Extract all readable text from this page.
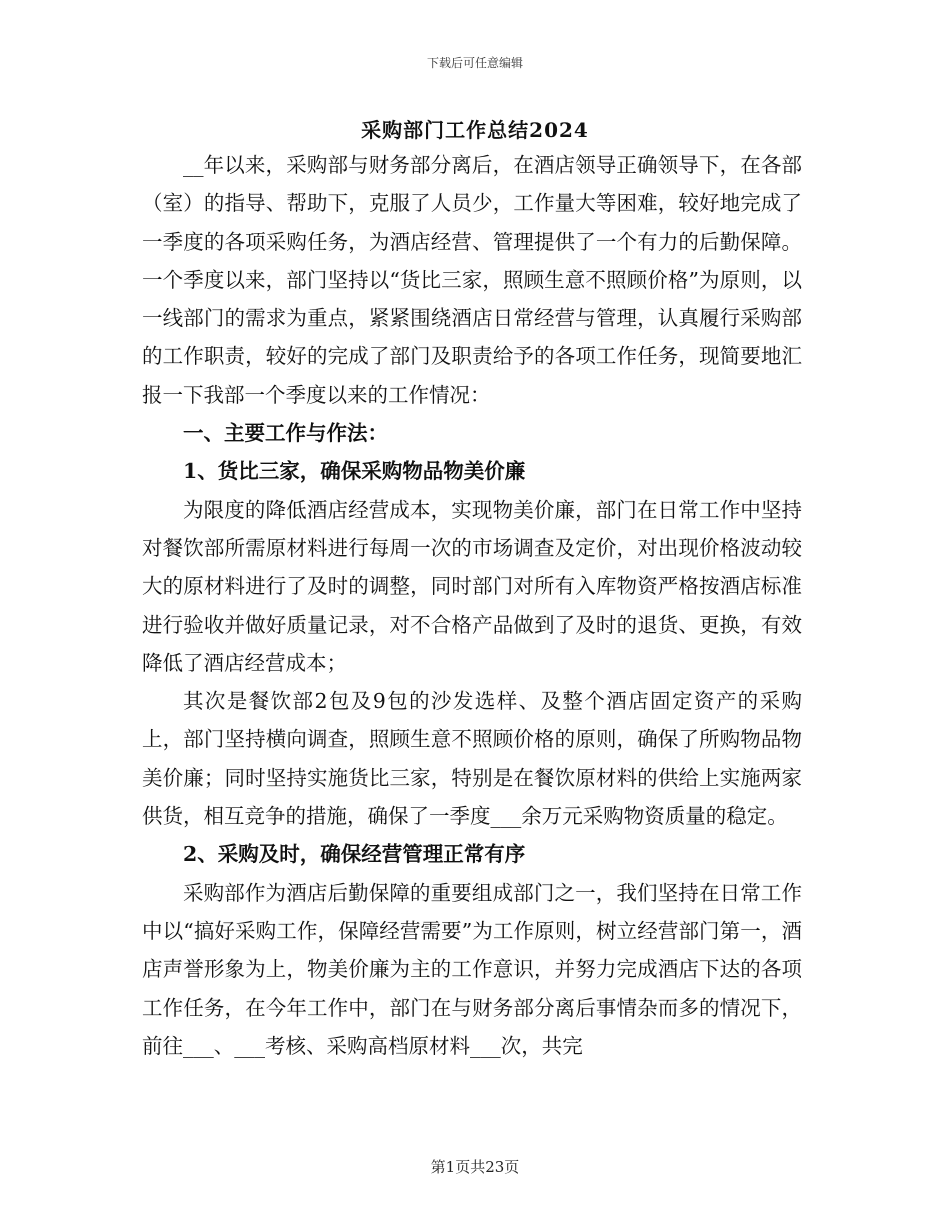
下载后可任意编辑
采购部门工作总结2024

__年以来，采购部与财务部分离后，在酒店领导正确领导下，在各部（室）的指导、帮助下，克服了人员少，工作量大等困难，较好地完成了一季度的各项采购任务，为酒店经营、管理提供了一个有力的后勤保障。一个季度以来，部门坚持以“货比三家，照顾生意不照顾价格”为原则，以一线部门的需求为重点，紧紧围绕酒店日常经营与管理，认真履行采购部的工作职责，较好的完成了部门及职责给予的各项工作任务，现简要地汇报一下我部一个季度以来的工作情况：

一、主要工作与作法：

1、货比三家，确保采购物品物美价廉

为限度的降低酒店经营成本，实现物美价廉，部门在日常工作中坚持对餐饮部所需原材料进行每周一次的市场调查及定价，对出现价格波动较大的原材料进行了及时的调整，同时部门对所有入库物资严格按酒店标准进行验收并做好质量记录，对不合格产品做到了及时的退货、更换，有效降低了酒店经营成本；

其次是餐饮部2包及9包的沙发选样、及整个酒店固定资产的采购上，部门坚持横向调查，照顾生意不照顾价格的原则，确保了所购物品物美价廉；同时坚持实施货比三家，特别是在餐饮原材料的供给上实施两家供货，相互竞争的措施，确保了一季度___余万元采购物资质量的稳定。

2、采购及时，确保经营管理正常有序

采购部作为酒店后勤保障的重要组成部门之一，我们坚持在日常工作中以“搞好采购工作，保障经营需要”为工作原则，树立经营部门第一，酒店声誉形象为上，物美价廉为主的工作意识，并努力完成酒店下达的各项工作任务，在今年工作中，部门在与财务部分离后事情杂而多的情况下，前往___、___考核、采购高档原材料___次，共完

第1页共23页
